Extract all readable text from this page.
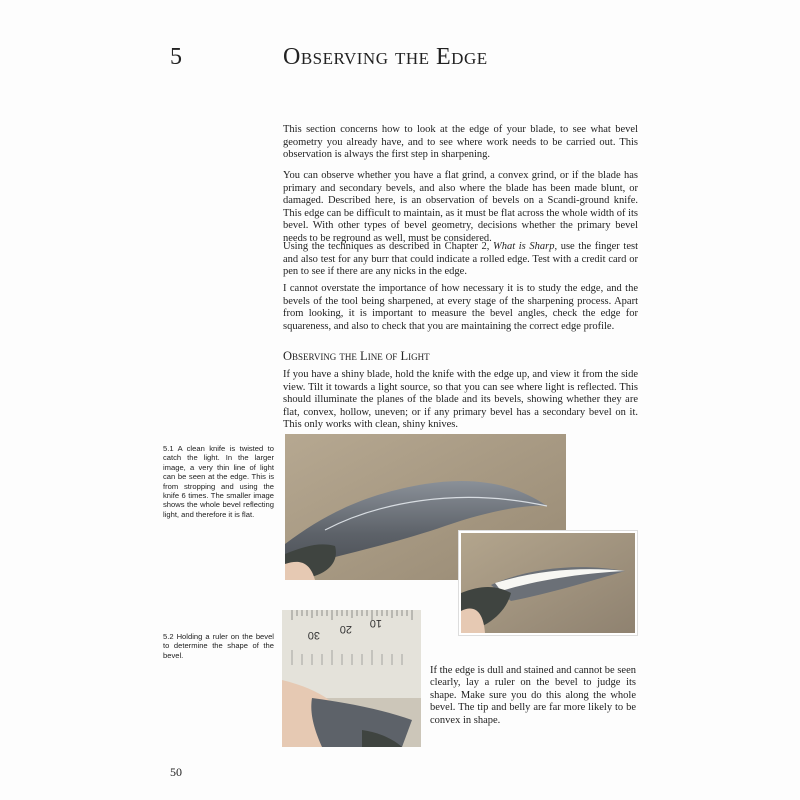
5	Observing the Edge

This section concerns how to look at the edge of your blade, to see what bevel geometry you already have, and to see where work needs to be carried out. This observation is always the first step in sharpening.

You can observe whether you have a flat grind, a convex grind, or if the blade has primary and secondary bevels, and also where the blade has been made blunt, or damaged. Described here, is an observation of bevels on a Scandi-ground knife. This edge can be difficult to maintain, as it must be flat across the whole width of its bevel. With other types of bevel geometry, decisions whether the primary bevel needs to be reground as well, must be considered.

Using the techniques as described in Chapter 2, What is Sharp, use the finger test and also test for any burr that could indicate a rolled edge. Test with a credit card or pen to see if there are any nicks in the edge.

I cannot overstate the importance of how necessary it is to study the edge, and the bevels of the tool being sharpened, at every stage of the sharpening process. Apart from looking, it is important to measure the bevel angles, check the edge for squareness, and also to check that you are maintaining the correct edge profile.

Observing the Line of Light

If you have a shiny blade, hold the knife with the edge up, and view it from the side view. Tilt it towards a light source, so that you can see where light is reflected. This should illuminate the planes of the blade and its bevels, showing whether they are flat, convex, hollow, uneven; or if any primary bevel has a secondary bevel on it. This only works with clean, shiny knives.

5.1 A clean knife is twisted to catch the light. In the larger image, a very thin line of light can be seen at the edge. This is from stropping and using the knife 6 times. The smaller image shows the whole bevel reflecting light, and therefore it is flat.

5.2 Holding a ruler on the bevel to determine the shape of the bevel.

30 20 10

If the edge is dull and stained and cannot be seen clearly, lay a ruler on the bevel to judge its shape. Make sure you do this along the whole bevel. The tip and belly are far more likely to be convex in shape.

50
